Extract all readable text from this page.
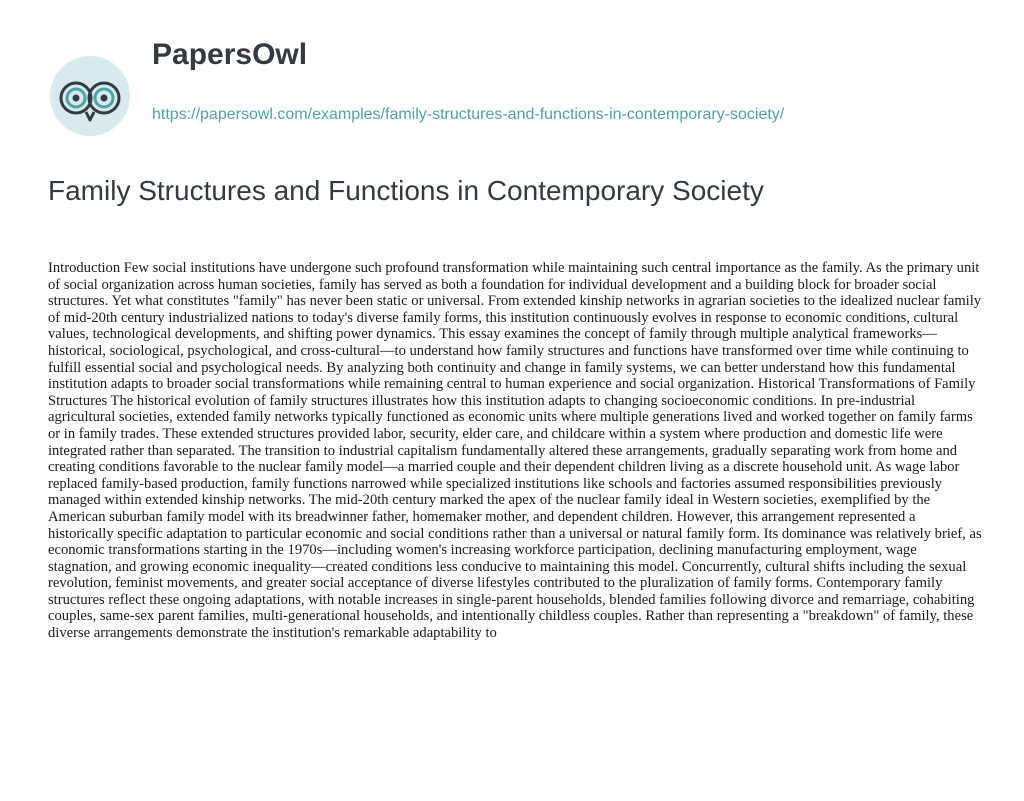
PapersOwl
https://papersowl.com/examples/family-structures-and-functions-in-contemporary-society/
Family Structures and Functions in Contemporary Society

Introduction Few social institutions have undergone such profound transformation while maintaining such central importance as the family. As the primary unit of social organization across human societies, family has served as both a foundation for individual development and a building block for broader social structures. Yet what constitutes "family" has never been static or universal. From extended kinship networks in agrarian societies to the idealized nuclear family of mid-20th century industrialized nations to today's diverse family forms, this institution continuously evolves in response to economic conditions, cultural values, technological developments, and shifting power dynamics. This essay examines the concept of family through multiple analytical frameworks—historical, sociological, psychological, and cross-cultural—to understand how family structures and functions have transformed over time while continuing to fulfill essential social and psychological needs. By analyzing both continuity and change in family systems, we can better understand how this fundamental institution adapts to broader social transformations while remaining central to human experience and social organization. Historical Transformations of Family Structures The historical evolution of family structures illustrates how this institution adapts to changing socioeconomic conditions. In pre-industrial agricultural societies, extended family networks typically functioned as economic units where multiple generations lived and worked together on family farms or in family trades. These extended structures provided labor, security, elder care, and childcare within a system where production and domestic life were integrated rather than separated. The transition to industrial capitalism fundamentally altered these arrangements, gradually separating work from home and creating conditions favorable to the nuclear family model—a married couple and their dependent children living as a discrete household unit. As wage labor replaced family-based production, family functions narrowed while specialized institutions like schools and factories assumed responsibilities previously managed within extended kinship networks. The mid-20th century marked the apex of the nuclear family ideal in Western societies, exemplified by the American suburban family model with its breadwinner father, homemaker mother, and dependent children. However, this arrangement represented a historically specific adaptation to particular economic and social conditions rather than a universal or natural family form. Its dominance was relatively brief, as economic transformations starting in the 1970s—including women's increasing workforce participation, declining manufacturing employment, wage stagnation, and growing economic inequality—created conditions less conducive to maintaining this model. Concurrently, cultural shifts including the sexual revolution, feminist movements, and greater social acceptance of diverse lifestyles contributed to the pluralization of family forms. Contemporary family structures reflect these ongoing adaptations, with notable increases in single-parent households, blended families following divorce and remarriage, cohabiting couples, same-sex parent families, multi-generational households, and intentionally childless couples. Rather than representing a "breakdown" of family, these diverse arrangements demonstrate the institution's remarkable adaptability to
